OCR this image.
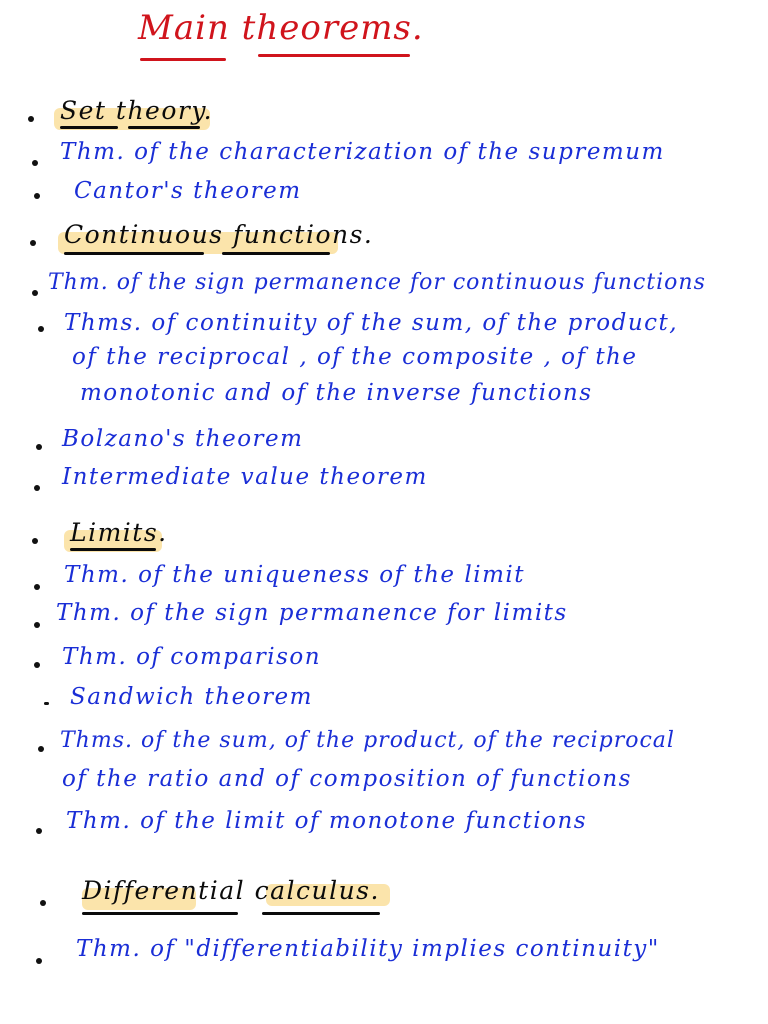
Main theorems.
Set theory.
Thm. of the characterization of the supremum
Cantor's theorem
Continuous functions.
Thm. of the sign permanence for continuous functions
Thms. of continuity of the sum, of the product,
of the reciprocal , of the composite , of the
monotonic and of the inverse functions
Bolzano's theorem
Intermediate value theorem
Limits.
Thm. of the uniqueness of the limit
Thm. of the sign permanence for limits
Thm. of comparison
Sandwich theorem
Thms. of the sum, of the product, of the reciprocal
of the ratio and of composition of functions
Thm. of the limit of monotone functions
Differential calculus.
Thm. of "differentiability implies continuity"
